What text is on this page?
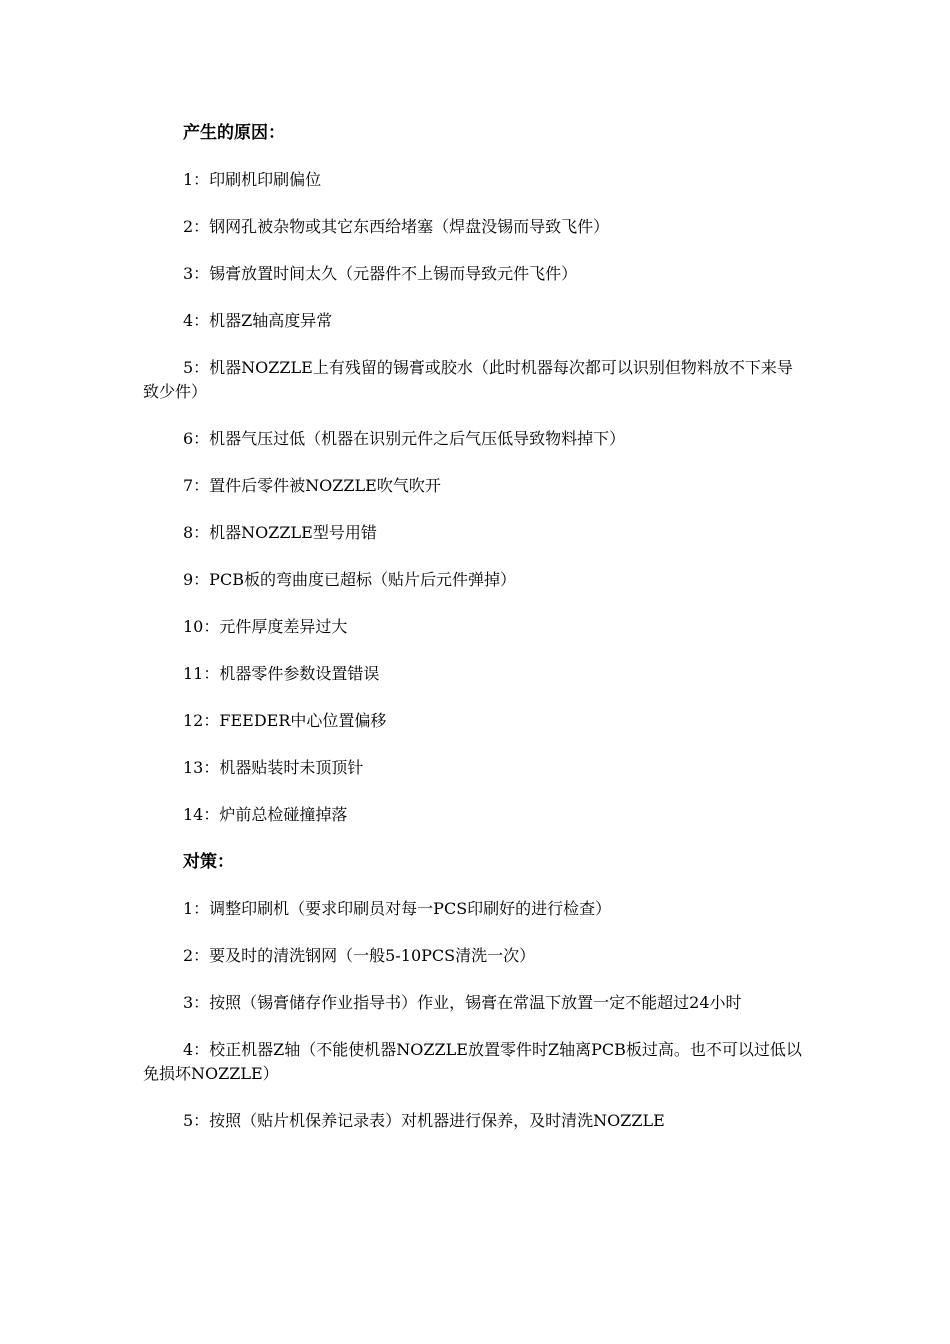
产生的原因：

1：印刷机印刷偏位

2：钢网孔被杂物或其它东西给堵塞（焊盘没锡而导致飞件）

3：锡膏放置时间太久（元器件不上锡而导致元件飞件）

4：机器Z轴高度异常

5：机器NOZZLE上有残留的锡膏或胶水（此时机器每次都可以识别但物料放不下来导致少件）

6：机器气压过低（机器在识别元件之后气压低导致物料掉下）

7：置件后零件被NOZZLE吹气吹开

8：机器NOZZLE型号用错

9：PCB板的弯曲度已超标（贴片后元件弹掉）

10：元件厚度差异过大

11：机器零件参数设置错误

12：FEEDER中心位置偏移

13：机器贴装时未顶顶针

14：炉前总检碰撞掉落

对策：

1：调整印刷机（要求印刷员对每一PCS印刷好的进行检查）

2：要及时的清洗钢网（一般5-10PCS清洗一次）

3：按照（锡膏储存作业指导书）作业，锡膏在常温下放置一定不能超过24小时

4：校正机器Z轴（不能使机器NOZZLE放置零件时Z轴离PCB板过高。也不可以过低以免损坏NOZZLE）

5：按照（贴片机保养记录表）对机器进行保养，及时清洗NOZZLE
